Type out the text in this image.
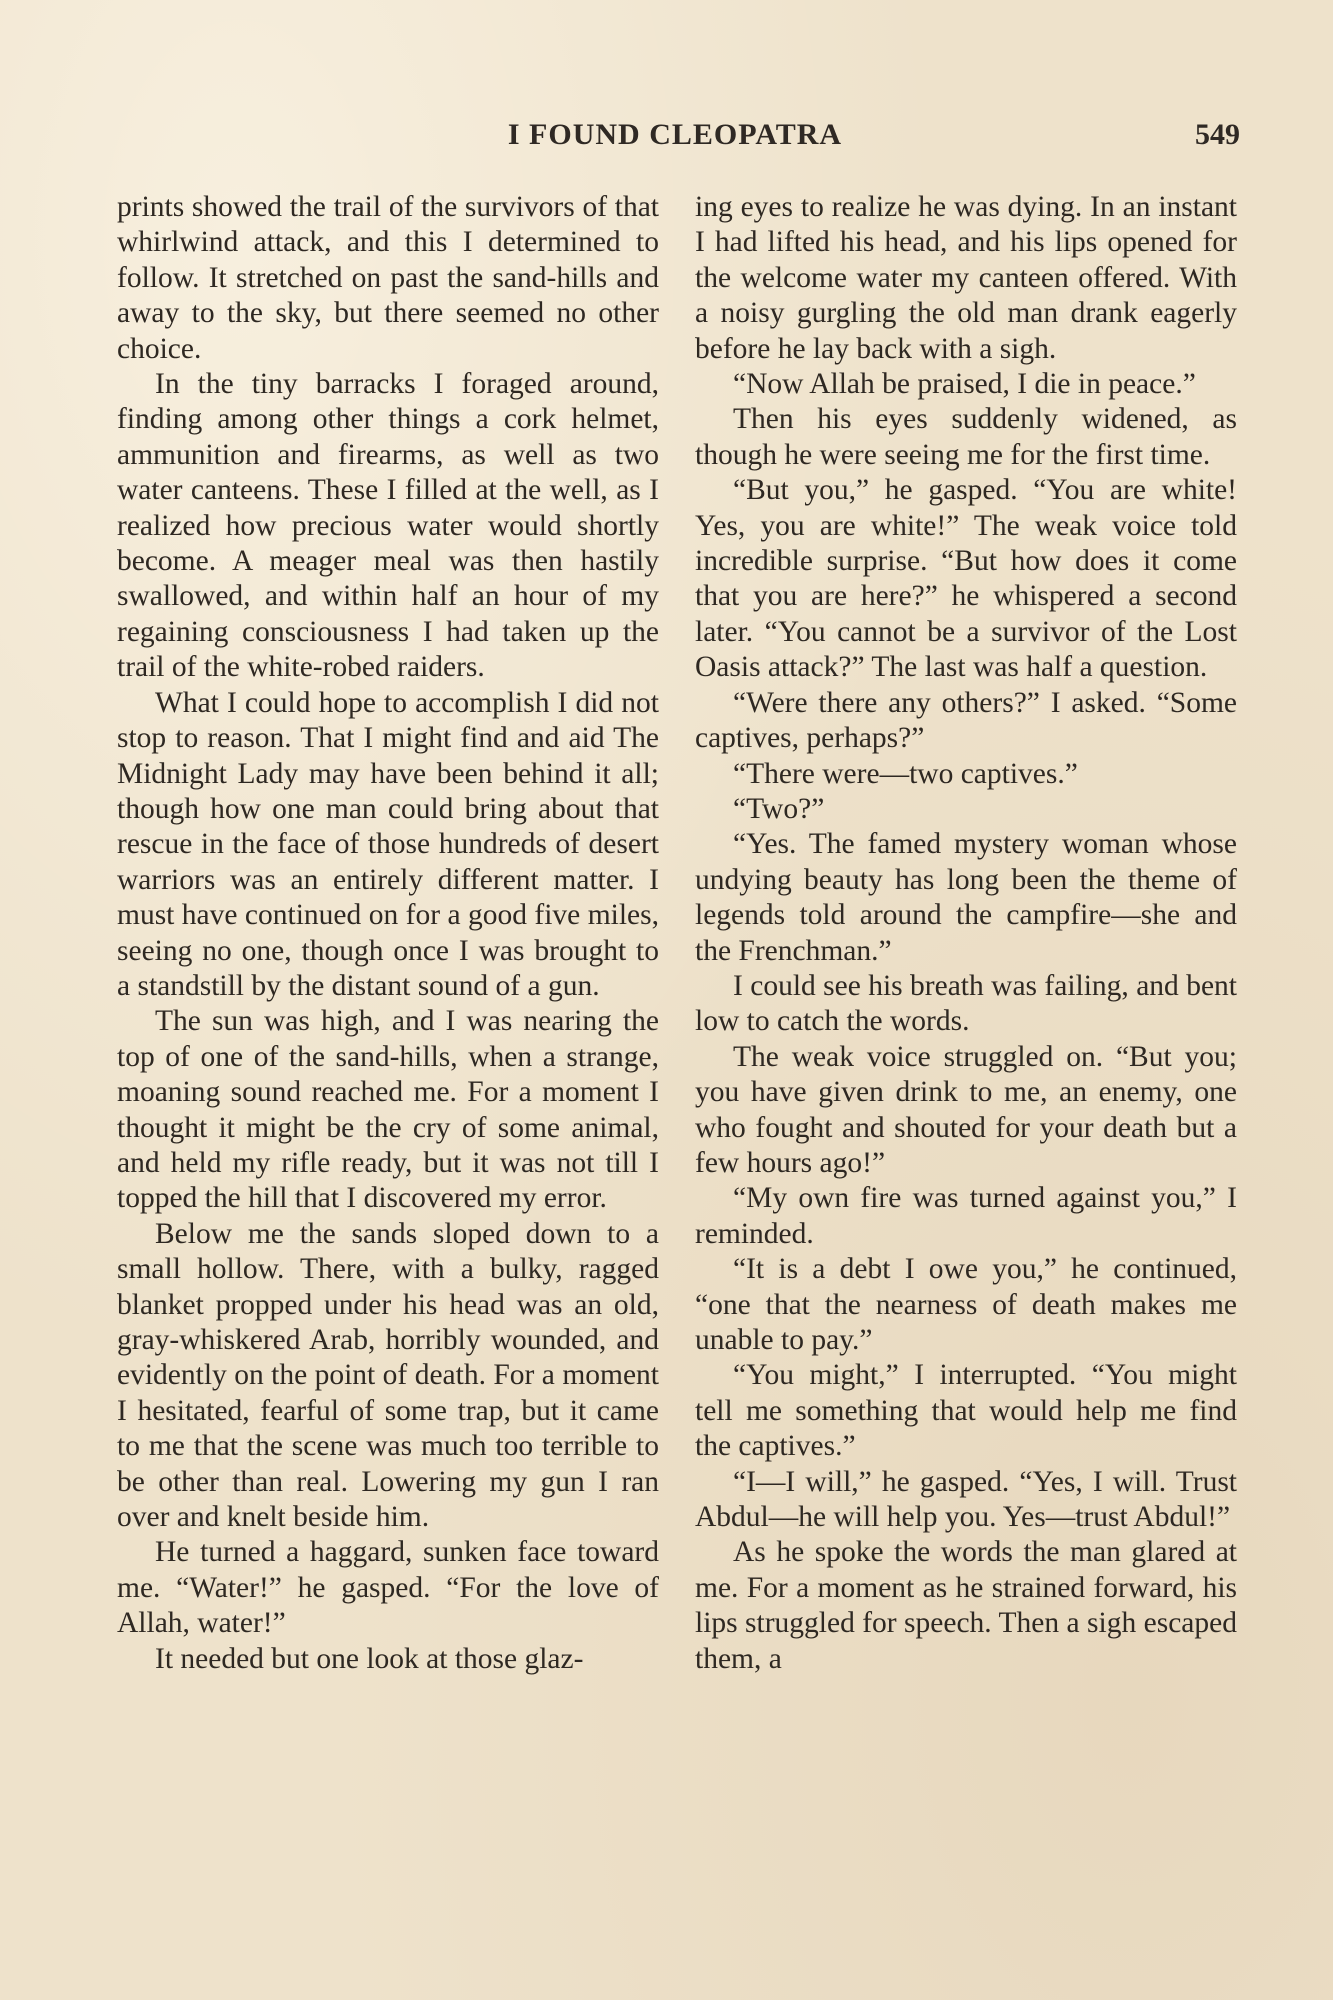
I FOUND CLEOPATRA	549

prints showed the trail of the survivors of that whirlwind attack, and this I determined to follow. It stretched on past the sand-hills and away to the sky, but there seemed no other choice.

In the tiny barracks I foraged around, finding among other things a cork helmet, ammunition and firearms, as well as two water canteens. These I filled at the well, as I realized how precious water would shortly become. A meager meal was then hastily swallowed, and within half an hour of my regaining consciousness I had taken up the trail of the white-robed raiders.

What I could hope to accomplish I did not stop to reason. That I might find and aid The Midnight Lady may have been behind it all; though how one man could bring about that rescue in the face of those hundreds of desert warriors was an entirely different matter. I must have continued on for a good five miles, seeing no one, though once I was brought to a standstill by the distant sound of a gun.

The sun was high, and I was nearing the top of one of the sand-hills, when a strange, moaning sound reached me. For a moment I thought it might be the cry of some animal, and held my rifle ready, but it was not till I topped the hill that I discovered my error.

Below me the sands sloped down to a small hollow. There, with a bulky, ragged blanket propped under his head was an old, gray-whiskered Arab, horribly wounded, and evidently on the point of death. For a moment I hesitated, fearful of some trap, but it came to me that the scene was much too terrible to be other than real. Lowering my gun I ran over and knelt beside him.

He turned a haggard, sunken face toward me. “Water!” he gasped. “For the love of Allah, water!”

It needed but one look at those glaz-

ing eyes to realize he was dying. In an instant I had lifted his head, and his lips opened for the welcome water my canteen offered. With a noisy gurgling the old man drank eagerly before he lay back with a sigh.

“Now Allah be praised, I die in peace.”

Then his eyes suddenly widened, as though he were seeing me for the first time.

“But you,” he gasped. “You are white! Yes, you are white!” The weak voice told incredible surprise. “But how does it come that you are here?” he whispered a second later. “You cannot be a survivor of the Lost Oasis attack?” The last was half a question.

“Were there any others?” I asked. “Some captives, perhaps?”

“There were—two captives.”

“Two?”

“Yes. The famed mystery woman whose undying beauty has long been the theme of legends told around the campfire—she and the Frenchman.”

I could see his breath was failing, and bent low to catch the words.

The weak voice struggled on. “But you; you have given drink to me, an enemy, one who fought and shouted for your death but a few hours ago!”

“My own fire was turned against you,” I reminded.

“It is a debt I owe you,” he continued, “one that the nearness of death makes me unable to pay.”

“You might,” I interrupted. “You might tell me something that would help me find the captives.”

“I—I will,” he gasped. “Yes, I will. Trust Abdul—he will help you. Yes—trust Abdul!”

As he spoke the words the man glared at me. For a moment as he strained forward, his lips struggled for speech. Then a sigh escaped them, a
